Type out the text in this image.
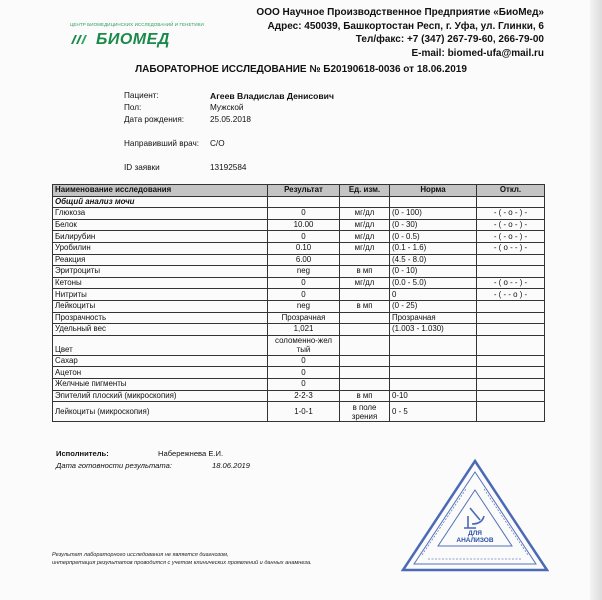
ЦЕНТР БИОМЕДИЦИНСКИХ ИССЛЕДОВАНИЙ И ГЕНЕТИКИ
БИОМЕД
ООО Научное Производственное Предприятие «БиоМед»
Адрес: 450039, Башкортостан Респ, г. Уфа, ул. Глинки, 6
Тел/факс: +7 (347) 267-79-60, 266-79-00
E-mail: biomed-ufa@mail.ru
ЛАБОРАТОРНОЕ ИССЛЕДОВАНИЕ № Б20190618-0036 от 18.06.2019
Пациент:	Агеев Владислав Денисович
Пол:	Мужской
Дата рождения:	25.05.2018
Направивший врач: С/О
ID заявки	13192584
Наименование исследования	Результат	Ед. изм.	Норма	Откл.
Общий анализ мочи				
Глюкоза	0	мг/дл	(0 - 100)	- ( - o - ) -
Белок	10.00	мг/дл	(0 - 30)	- ( - o - ) -
Билирубин	0	мг/дл	(0 - 0.5)	- ( - o - ) -
Уробилин	0.10	мг/дл	(0.1 - 1.6)	- ( o - - ) -
Реакция	6.00		(4.5 - 8.0)	
Эритроциты	neg	в мп	(0 - 10)	
Кетоны	0	мг/дл	(0.0 - 5.0)	- ( o - - ) -
Нитриты	0		0	- ( - - o ) -
Лейкоциты	neg	в мп	(0 - 25)	
Прозрачность	Прозрачная		Прозрачная	
Удельный вес	1,021		(1.003 - 1.030)	
Цвет	соломенно-жел тый			
Сахар	0			
Ацетон	0			
Желчные пигменты	0			
Эпителий плоский (микроскопия)	2-2-3	в мп	0-10	
Лейкоциты (микроскопия)	1-0-1	в поле зрения	0 - 5	
Исполнитель:	Набережнева Е.И.
Дата готовности результата:	18.06.2019
Результат лабораторного исследования не является диагнозом,
интерпретация результатов проводится с учетом клинических проявлений и данных анамнеза.
ДЛЯ АНАЛИЗОВ
